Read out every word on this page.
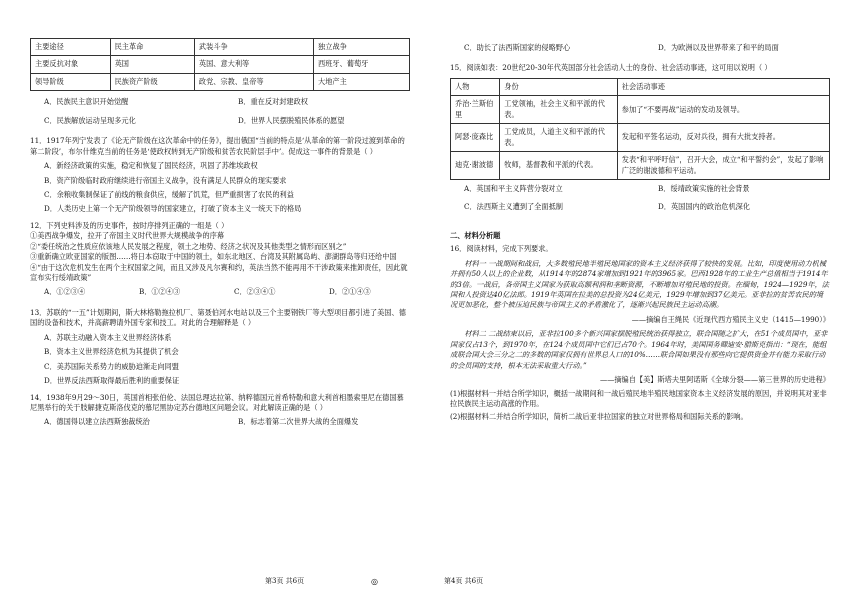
主要途径	民主革命	武装斗争	独立战争
主要反抗对象	英国	英国、意大利等	西班牙、葡萄牙
领导阶级	民族资产阶级	政党、宗教、皇帝等	大地产主

A．民族民主意识开始觉醒	B．重在反对封建政权

C．民族解放运动呈现多元化	D．世界人民摆脱殖民体系的愿望

11．1917年列宁发表了《论无产阶级在这次革命中的任务》，提出俄国“当前的特点是‘从革命的第一阶段过渡到革命的第二阶段’，布尔什维克当前的任务是‘使政权转到无产阶级和贫苦农民阶层手中’。促成这一事件的背景是（ ）

A．新经济政策的实施，稳定和恢复了国民经济，巩固了苏维埃政权

B．资产阶级临时政府继续进行帝国主义战争，没有满足人民群众的现实要求

C．余粮收集制保证了前线的粮食供应，缓解了饥荒，但严重损害了农民的利益

D．人类历史上第一个无产阶级领导的国家建立，打破了资本主义一统天下的格局

12．下列史料涉及的历史事件，按时序排列正确的一组是（ ）

①美西战争爆发，拉开了帝国主义时代世界大规模战争的序幕

②“委任统治之性质应依该地人民发展之程度，领土之地势、经济之状况及其他类型之情形而区别之”

③重新确立欧亚国家的版图……将日本窃取于中国的领土，如东北地区、台湾及其附属岛屿、澎湖群岛等归还给中国

④“由于这次危机发生在两个主权国家之间，而且又涉及凡尔赛和约，英法当然不能再用不干涉政策来推卸责任，因此就宣布实行绥靖政策”

A．①②③④	B．①②④③	C．②③④①	D．②①④③

13．苏联的“一五”计划期间，斯大林格勒拖拉机厂、第聂伯河水电站以及三个主要钢铁厂等大型项目都引进了美国、德国的设备和技术，并高薪聘请外国专家和技工。对此的合理解释是（ ）

A．苏联主动融入资本主义世界经济体系

B．资本主义世界经济危机为其提供了机会

C．美苏国际关系势力的威胁迫渐走向同盟

D．世界反法西斯取得最后胜利的重要保证

14．1938年9月29～30日，英国首相张伯伦、法国总理达拉第、纳粹德国元首希特勒和意大利首相墨索里尼在德国慕尼黑举行的关于肢解捷克斯洛伐克的慕尼黑协定苏台德地区问题会议。对此解读正确的是（ ）

A．德国得以建立法西斯独裁统治	B．标志着第二次世界大战的全面爆发

C．助长了法西斯国家的侵略野心	D．为欧洲以及世界带来了和平的局面

15．阅读如表：20世纪20-30年代英国部分社会活动人士的身份、社会活动事迹，这可用以说明（ ）

人物	身份	社会活动事迹
乔治·兰斯伯里	工党领袖，社会主义和平派的代表。	参加了“不要再战”运动的发动及领导。
阿瑟·庞森比	工党成员，人道主义和平派的代表。	发起和平签名运动，反对兵役，拥有大批支持者。
迪克·谢波德	牧师，基督教和平派的代表。	发表“和平呼吁信”，召开大会，成立“和平誓约会”，发起了影响广泛的谢波德和平运动。

A．英国和平主义阵营分裂对立	B．绥靖政策实施的社会背景

C．法西斯主义遭到了全面抵制	D．英国国内的政治危机深化

二、材料分析题

16．阅读材料，完成下列要求。

材料一 一战期间和战后，大多数殖民地半殖民地国家的资本主义经济获得了较快的发展。比如，印度使用动力机械并拥有50人以上的企业数，从1914年的2874家增加到1921年的3965家。巴西1928年的工业生产总值相当于1914年的3倍。一战后，各帝国主义国家为获取高额利润和垄断资源，不断增加对殖民地的投资。在缅甸，1924—1929年，法国和人投资达40亿法郎。1919年英国在拉美的总投资为24亿美元，1929年增加到37亿美元。亚非拉的贫苦农民的境况更加恶化，整个被压迫民族与帝国主义的矛盾激化了，逐渐兴起民族民主运动高潮。

——摘编自王绳民《近现代西方殖民主义史（1415—1990）》

材料二 二战结束以后，亚非拉100多个新兴国家摆脱殖民统治获得独立，联合国随之扩大，在51个成员国中，亚非国家仅占13个，到1970年，在124个成员国中它们已占70个。1964年时，美国国务卿迪安·腊斯克指出：“现在，能组成联合国大会三分之二的多数的国家仅拥有世界总人口的10%……联合国如果没有那些向它提供资金并有能力采取行动的会员国的支持，根本无法采取重大行动。”

——摘编自【美】斯塔夫里阿诺斯《全球分裂——第三世界的历史进程》

(1)根据材料一并结合所学知识，概括一战期间和一战后殖民地半殖民地国家资本主义经济发展的原因，并说明其对亚非拉民族民主运动高涨的作用。

(2)根据材料二并结合所学知识，简析二战后亚非拉国家的独立对世界格局和国际关系的影响。

第3页 共6页	◎	第4页 共6页
